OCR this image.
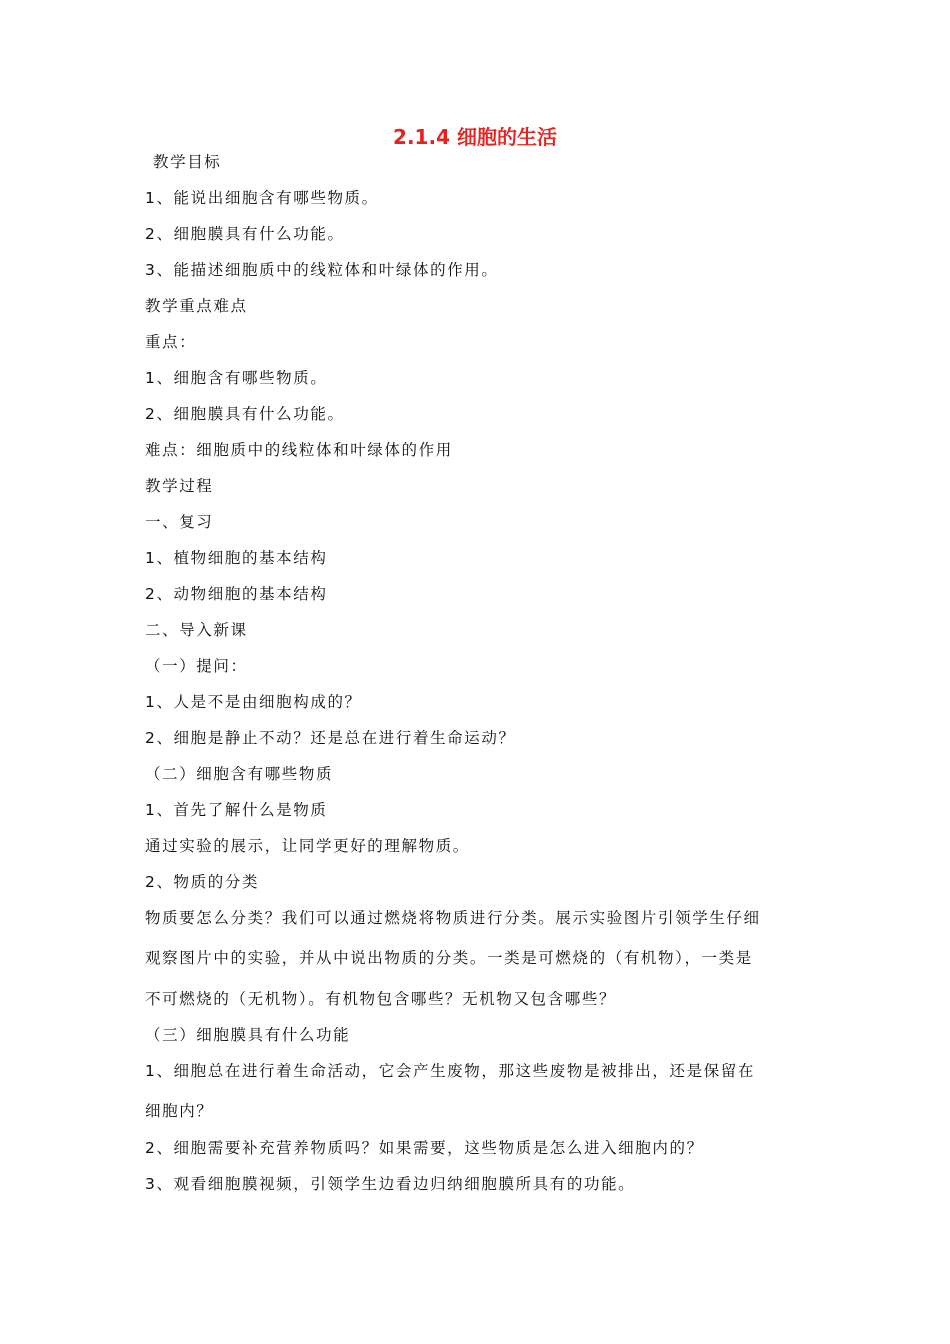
2.1.4 细胞的生活
教学目标
1、能说出细胞含有哪些物质。
2、细胞膜具有什么功能。
3、能描述细胞质中的线粒体和叶绿体的作用。
教学重点难点
重点：
1、细胞含有哪些物质。
2、细胞膜具有什么功能。
难点：细胞质中的线粒体和叶绿体的作用
教学过程
一、复习
1、植物细胞的基本结构
2、动物细胞的基本结构
二、导入新课
（一）提问：
1、人是不是由细胞构成的？
2、细胞是静止不动？还是总在进行着生命运动？
（二）细胞含有哪些物质
1、首先了解什么是物质
通过实验的展示，让同学更好的理解物质。
2、物质的分类
物质要怎么分类？我们可以通过燃烧将物质进行分类。展示实验图片引领学生仔细
观察图片中的实验，并从中说出物质的分类。一类是可燃烧的（有机物），一类是
不可燃烧的（无机物）。有机物包含哪些？无机物又包含哪些？
（三）细胞膜具有什么功能
1、细胞总在进行着生命活动，它会产生废物，那这些废物是被排出，还是保留在
细胞内？
2、细胞需要补充营养物质吗？如果需要，这些物质是怎么进入细胞内的？
3、观看细胞膜视频，引领学生边看边归纳细胞膜所具有的功能。
